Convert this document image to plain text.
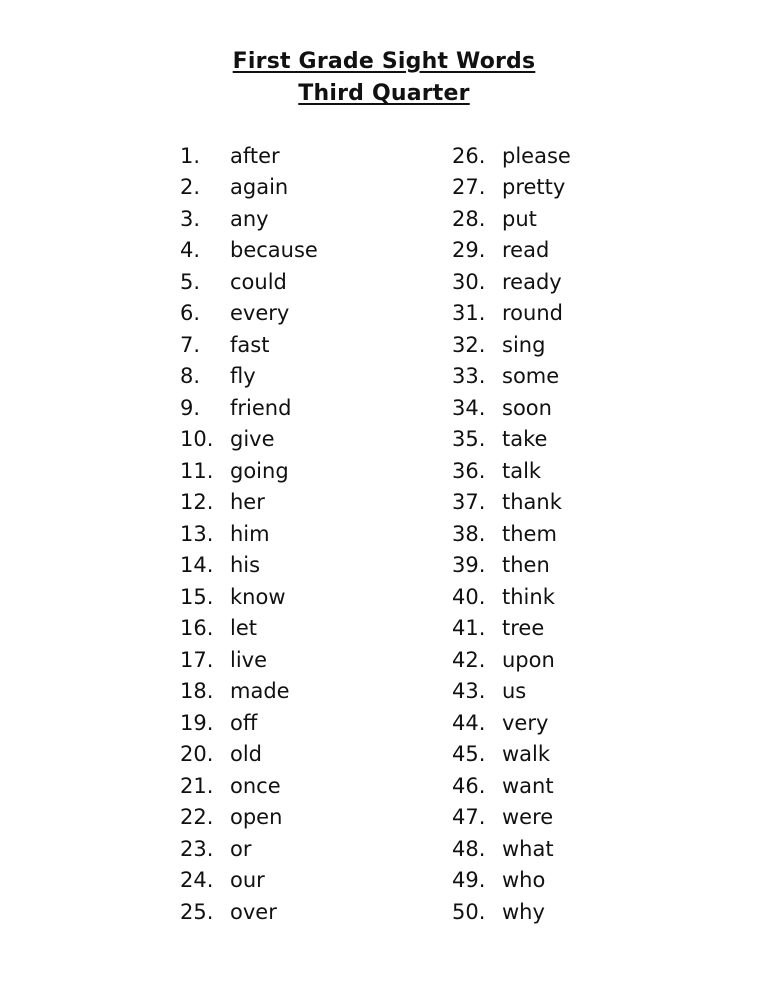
First Grade Sight Words
Third Quarter
1.	after
2.	again
3.	any
4.	because
5.	could
6.	every
7.	fast
8.	fly
9.	friend
10. give
11. going
12. her
13. him
14. his
15. know
16. let
17. live
18. made
19. off
20. old
21. once
22. open
23. or
24. our
25. over
26. please
27. pretty
28. put
29. read
30. ready
31. round
32. sing
33. some
34. soon
35. take
36. talk
37. thank
38. them
39. then
40. think
41. tree
42. upon
43. us
44. very
45. walk
46. want
47. were
48. what
49. who
50. why
